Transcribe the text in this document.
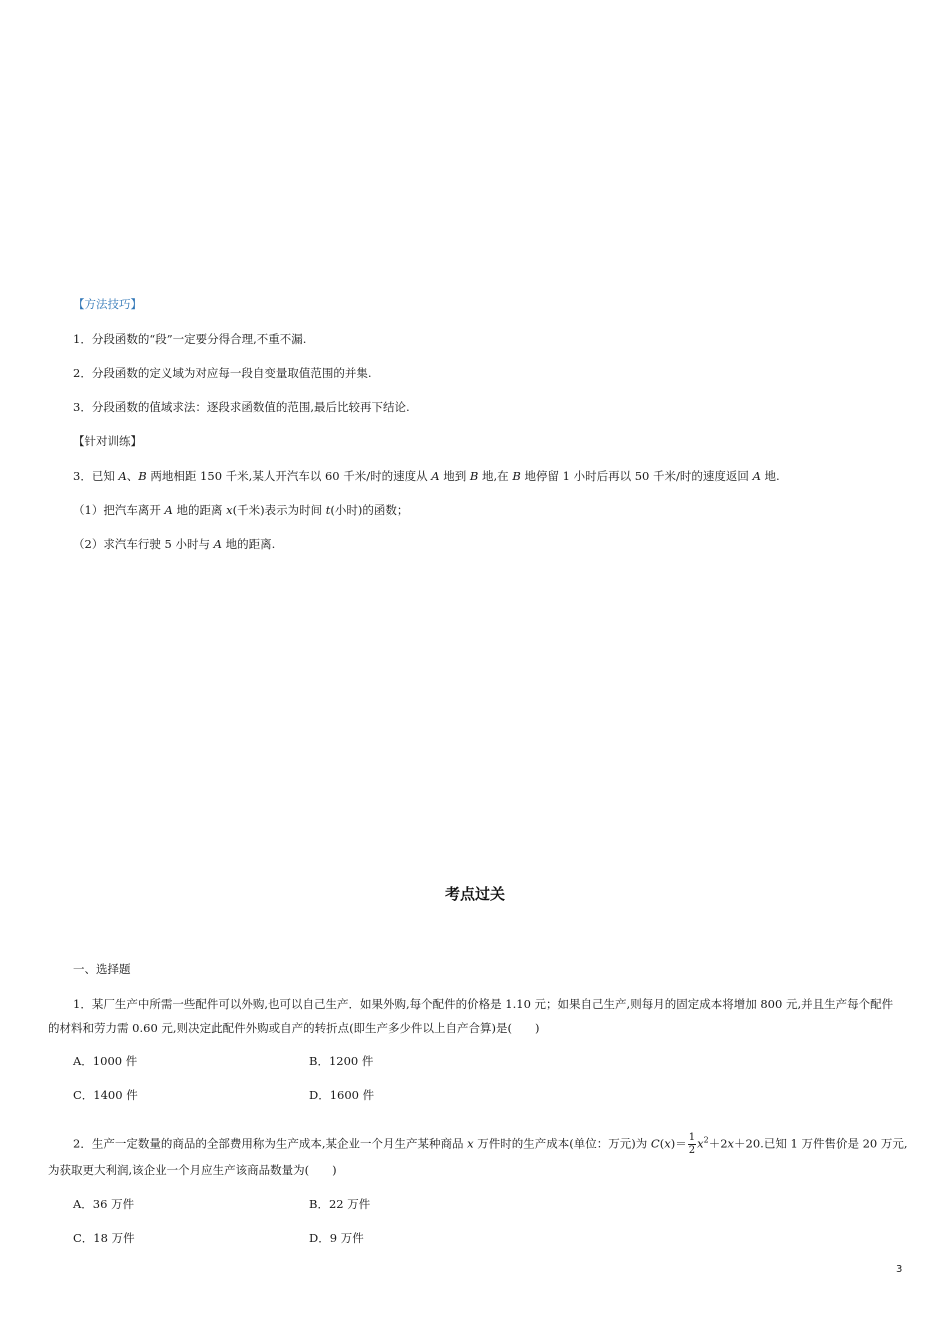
【方法技巧】
1．分段函数的“段”一定要分得合理,不重不漏.
2．分段函数的定义域为对应每一段自变量取值范围的并集.
3．分段函数的值域求法：逐段求函数值的范围,最后比较再下结论.
【针对训练】
3．已知 A、B 两地相距 150 千米,某人开汽车以 60 千米/时的速度从 A 地到 B 地,在 B 地停留 1 小时后再以 50 千米/时的速度返回 A 地.
（1）把汽车离开 A 地的距离 x(千米)表示为时间 t(小时)的函数；
（2）求汽车行驶 5 小时与 A 地的距离.
考点过关
一、选择题
1．某厂生产中所需一些配件可以外购,也可以自己生产．如果外购,每个配件的价格是 1.10 元；如果自己生产,则每月的固定成本将增加 800 元,并且生产每个配件
的材料和劳力需 0.60 元,则决定此配件外购或自产的转折点(即生产多少件以上自产合算)是(　　)
A．1000 件	B．1200 件
C．1400 件	D．1600 件
2．生产一定数量的商品的全部费用称为生产成本,某企业一个月生产某种商品 x 万件时的生产成本(单位：万元)为 $C(x)= \frac{1}{2} x^2+2x+20$.已知 1 万件售价是 20 万元,
为获取更大利润,该企业一个月应生产该商品数量为(　　)
A．36 万件	B．22 万件
C．18 万件	D．9 万件
3
